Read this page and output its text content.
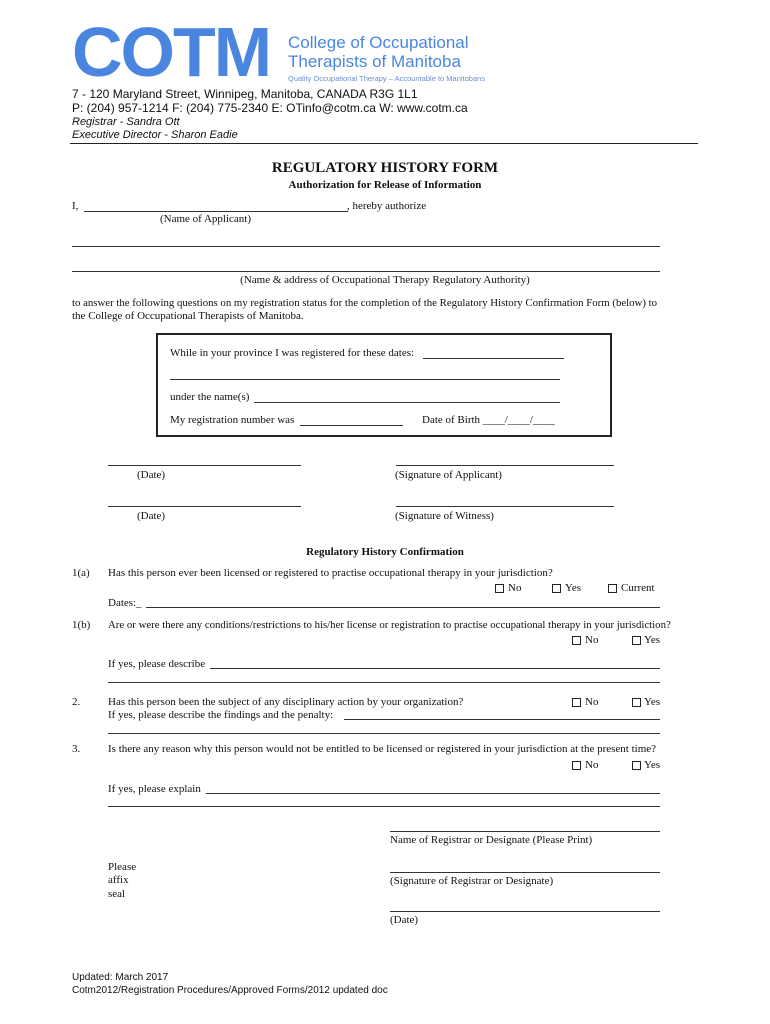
COTM College of Occupational
Therapists of Manitoba
Quality Occupational Therapy – Accountable to Manitobans
7 - 120 Maryland Street, Winnipeg, Manitoba, CANADA R3G 1L1
P: (204) 957-1214 F: (204) 775-2340 E: OTinfo@cotm.ca W: www.cotm.ca
Registrar - Sandra Ott
Executive Director - Sharon Eadie
REGULATORY HISTORY FORM
Authorization for Release of Information
I,	, hereby authorize
(Name of Applicant)
(Name & address of Occupational Therapy Regulatory Authority)
to answer the following questions on my registration status for the completion of the Regulatory History Confirmation Form (below) to
the College of Occupational Therapists of Manitoba.
While in your province I was registered for these dates:
under the name(s)
My registration number was	Date of Birth ____/____/____
(Date)	(Signature of Applicant)
(Date)	(Signature of Witness)
Regulatory History Confirmation
1(a) Has this person ever been licensed or registered to practise occupational therapy in your jurisdiction?
No	Yes	Current
Dates:_
1(b) Are or were there any conditions/restrictions to his/her license or registration to practise occupational therapy in your jurisdiction?
No	Yes
If yes, please describe
2.	Has this person been the subject of any disciplinary action by your organization?	No	Yes
If yes, please describe the findings and the penalty:
3.	Is there any reason why this person would not be entitled to be licensed or registered in your jurisdiction at the present time?
No	Yes
If yes, please explain
Name of Registrar or Designate (Please Print)
Please
affix
seal
(Signature of Registrar or Designate)
(Date)
Updated: March 2017
Cotm2012/Registration Procedures/Approved Forms/2012 updated doc
